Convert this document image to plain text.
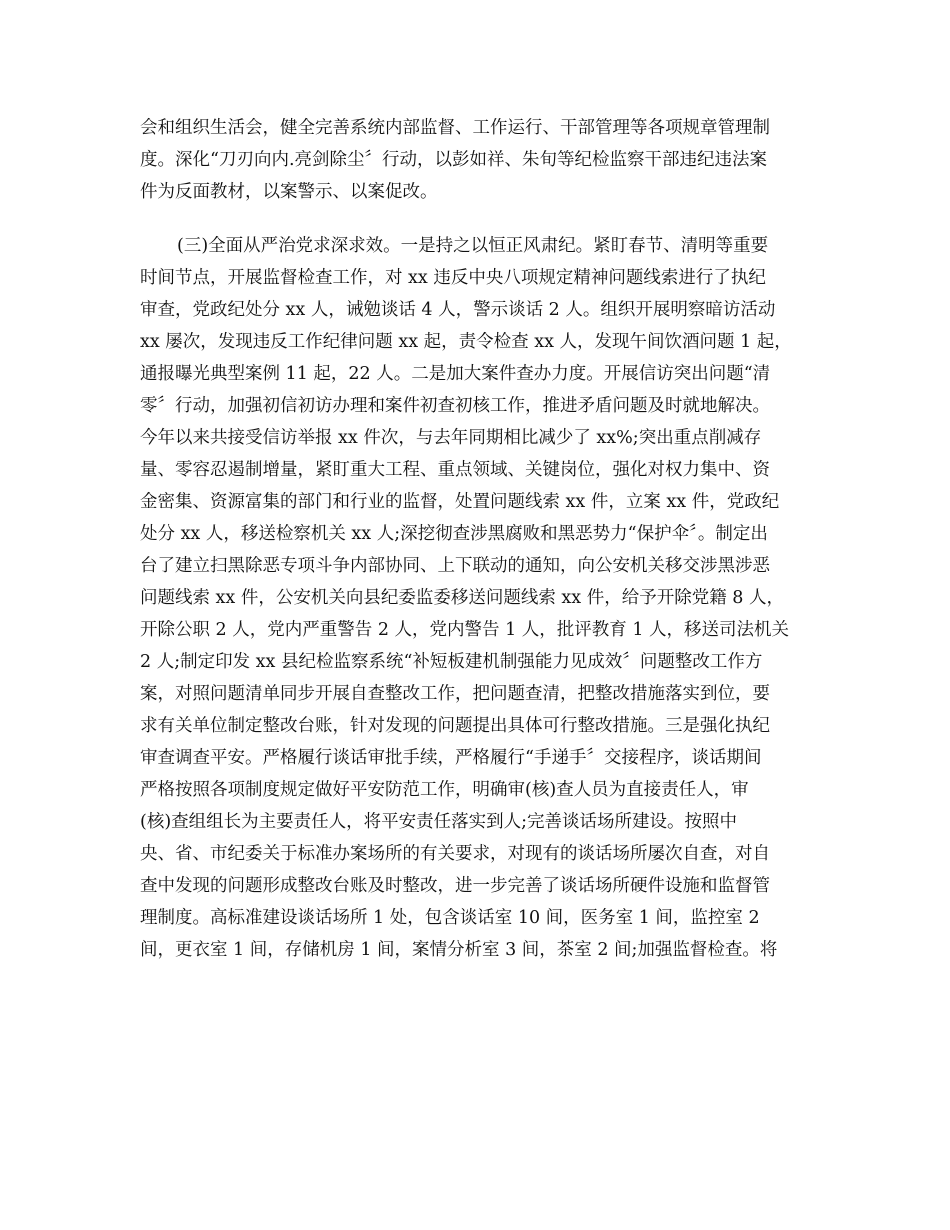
会和组织生活会，健全完善系统内部监督、工作运行、干部管理等各项规章管理制
度。深化“刀刃向内.亮剑除尘〞行动，以彭如祥、朱旬等纪检监察干部违纪违法案
件为反面教材，以案警示、以案促改。
(三)全面从严治党求深求效。一是持之以恒正风肃纪。紧盯春节、清明等重要
时间节点，开展监督检查工作，对 xx 违反中央八项规定精神问题线索进行了执纪
审查，党政纪处分 xx 人，诫勉谈话 4 人，警示谈话 2 人。组织开展明察暗访活动
xx 屡次，发现违反工作纪律问题 xx 起，责令检查 xx 人，发现午间饮酒问题 1 起，
通报曝光典型案例 11 起，22 人。二是加大案件查办力度。开展信访突出问题“清
零〞行动，加强初信初访办理和案件初查初核工作，推进矛盾问题及时就地解决。
今年以来共接受信访举报 xx 件次，与去年同期相比减少了 xx%;突出重点削减存
量、零容忍遏制增量，紧盯重大工程、重点领域、关键岗位，强化对权力集中、资
金密集、资源富集的部门和行业的监督，处置问题线索 xx 件，立案 xx 件，党政纪
处分 xx 人，移送检察机关 xx 人;深挖彻查涉黑腐败和黑恶势力“保护伞〞。制定出
台了建立扫黑除恶专项斗争内部协同、上下联动的通知，向公安机关移交涉黑涉恶
问题线索 xx 件，公安机关向县纪委监委移送问题线索 xx 件，给予开除党籍 8 人，
开除公职 2 人，党内严重警告 2 人，党内警告 1 人，批评教育 1 人，移送司法机关
2 人;制定印发 xx 县纪检监察系统“补短板建机制强能力见成效〞问题整改工作方
案，对照问题清单同步开展自查整改工作，把问题查清，把整改措施落实到位，要
求有关单位制定整改台账，针对发现的问题提出具体可行整改措施。三是强化执纪
审查调查平安。严格履行谈话审批手续，严格履行“手递手〞交接程序，谈话期间
严格按照各项制度规定做好平安防范工作，明确审(核)查人员为直接责任人，审
(核)查组组长为主要责任人，将平安责任落实到人;完善谈话场所建设。按照中
央、省、市纪委关于标准办案场所的有关要求，对现有的谈话场所屡次自查，对自
查中发现的问题形成整改台账及时整改，进一步完善了谈话场所硬件设施和监督管
理制度。高标准建设谈话场所 1 处，包含谈话室 10 间，医务室 1 间，监控室 2
间，更衣室 1 间，存储机房 1 间，案情分析室 3 间，茶室 2 间;加强监督检查。将
